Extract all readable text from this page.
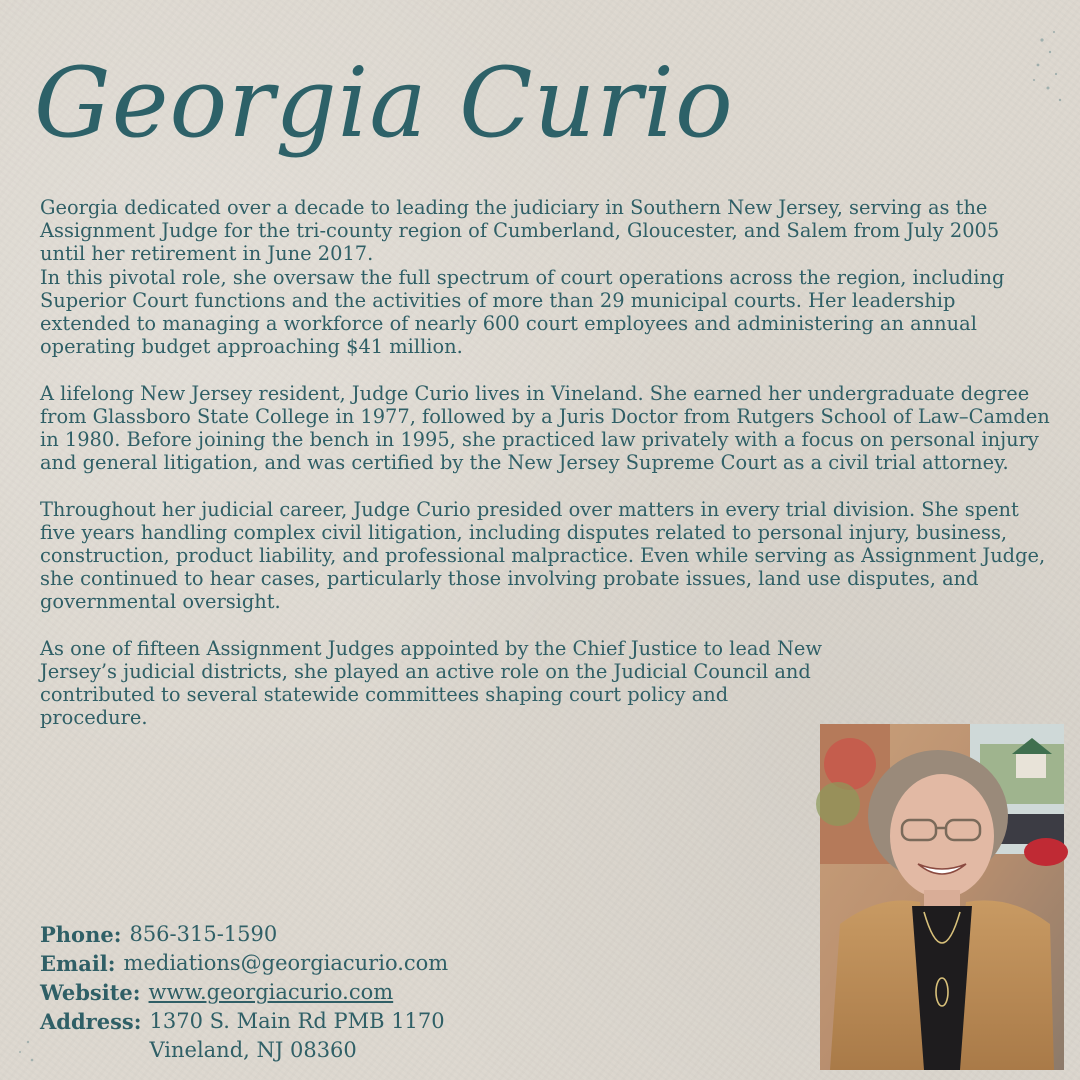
Georgia Curio

Georgia dedicated over a decade to leading the judiciary in Southern New Jersey, serving as the Assignment Judge for the tri-county region of Cumberland, Gloucester, and Salem from July 2005 until her retirement in June 2017.

In this pivotal role, she oversaw the full spectrum of court operations across the region, including Superior Court functions and the activities of more than 29 municipal courts. Her leadership extended to managing a workforce of nearly 600 court employees and administering an annual operating budget approaching $41 million.

A lifelong New Jersey resident, Judge Curio lives in Vineland. She earned her undergraduate degree from Glassboro State College in 1977, followed by a Juris Doctor from Rutgers School of Law–Camden in 1980. Before joining the bench in 1995, she practiced law privately with a focus on personal injury and general litigation, and was certified by the New Jersey Supreme Court as a civil trial attorney.

Throughout her judicial career, Judge Curio presided over matters in every trial division. She spent five years handling complex civil litigation, including disputes related to personal injury, business, construction, product liability, and professional malpractice. Even while serving as Assignment Judge, she continued to hear cases, particularly those involving probate issues, land use disputes, and governmental oversight.

As one of fifteen Assignment Judges appointed by the Chief Justice to lead New Jersey’s judicial districts, she played an active role on the Judicial Council and contributed to several statewide committees shaping court policy and procedure.

Phone: 856-315-1590
Email: mediations@georgiacurio.com
Website: www.georgiacurio.com
Address: 1370 S. Main Rd PMB 1170
Vineland, NJ 08360
